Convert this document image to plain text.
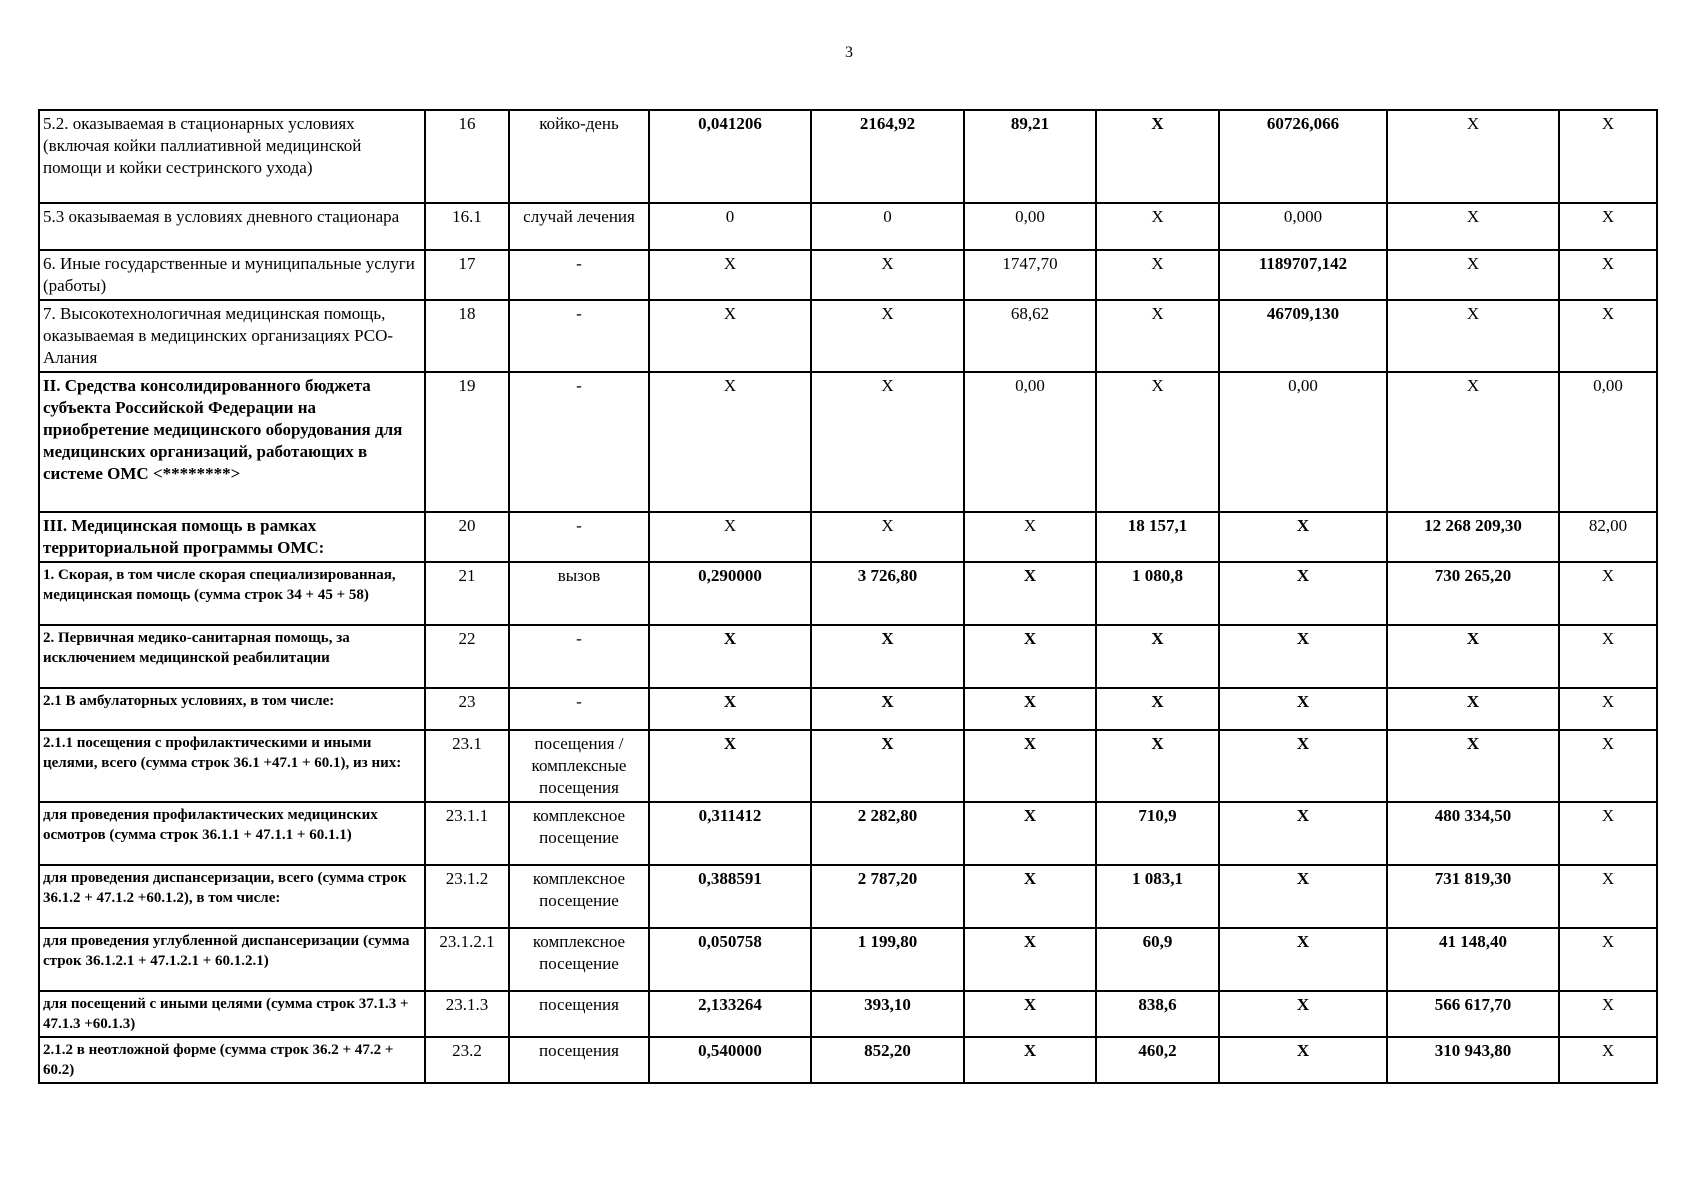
3
5.2. оказываемая в стационарных условиях (включая койки паллиативной медицинской помощи и койки сестринского ухода)	16	койко-день	0,041206	2164,92	89,21	X	60726,066	X	X
5.3 оказываемая в условиях дневного стационара	16.1	случай лечения	0	0	0,00	X	0,000	X	X
6. Иные государственные и муниципальные услуги (работы)	17	-	X	X	1747,70	X	1189707,142	X	X
7. Высокотехнологичная медицинская помощь, оказываемая в медицинских организациях РСО-Алания	18	-	X	X	68,62	X	46709,130	X	X
II. Средства консолидированного бюджета субъекта Российской Федерации на приобретение медицинского оборудования для медицинских организаций, работающих в системе ОМС <********>	19	-	X	X	0,00	X	0,00	X	0,00
III. Медицинская помощь в рамках территориальной программы ОМС:	20	-	X	X	X	18 157,1	X	12 268 209,30	82,00
1. Скорая, в том числе скорая специализированная, медицинская помощь (сумма строк 34 + 45 + 58)	21	вызов	0,290000	3 726,80	X	1 080,8	X	730 265,20	X
2. Первичная медико-санитарная помощь, за исключением медицинской реабилитации	22	-	X	X	X	X	X	X	X
2.1 В амбулаторных условиях, в том числе:	23	-	X	X	X	X	X	X	X
2.1.1 посещения с профилактическими и иными целями, всего (сумма строк 36.1 +47.1 + 60.1), из них:	23.1	посещения / комплексные посещения	X	X	X	X	X	X	X
для проведения профилактических медицинских осмотров (сумма строк 36.1.1 + 47.1.1 + 60.1.1)	23.1.1	комплексное посещение	0,311412	2 282,80	X	710,9	X	480 334,50	X
для проведения диспансеризации, всего (сумма строк 36.1.2 + 47.1.2 +60.1.2), в том числе:	23.1.2	комплексное посещение	0,388591	2 787,20	X	1 083,1	X	731 819,30	X
для проведения углубленной диспансеризации (сумма строк 36.1.2.1 + 47.1.2.1 + 60.1.2.1)	23.1.2.1	комплексное посещение	0,050758	1 199,80	X	60,9	X	41 148,40	X
для посещений с иными целями (сумма строк 37.1.3 + 47.1.3 +60.1.3)	23.1.3	посещения	2,133264	393,10	X	838,6	X	566 617,70	X
2.1.2 в неотложной форме (сумма строк 36.2 + 47.2 + 60.2)	23.2	посещения	0,540000	852,20	X	460,2	X	310 943,80	X
